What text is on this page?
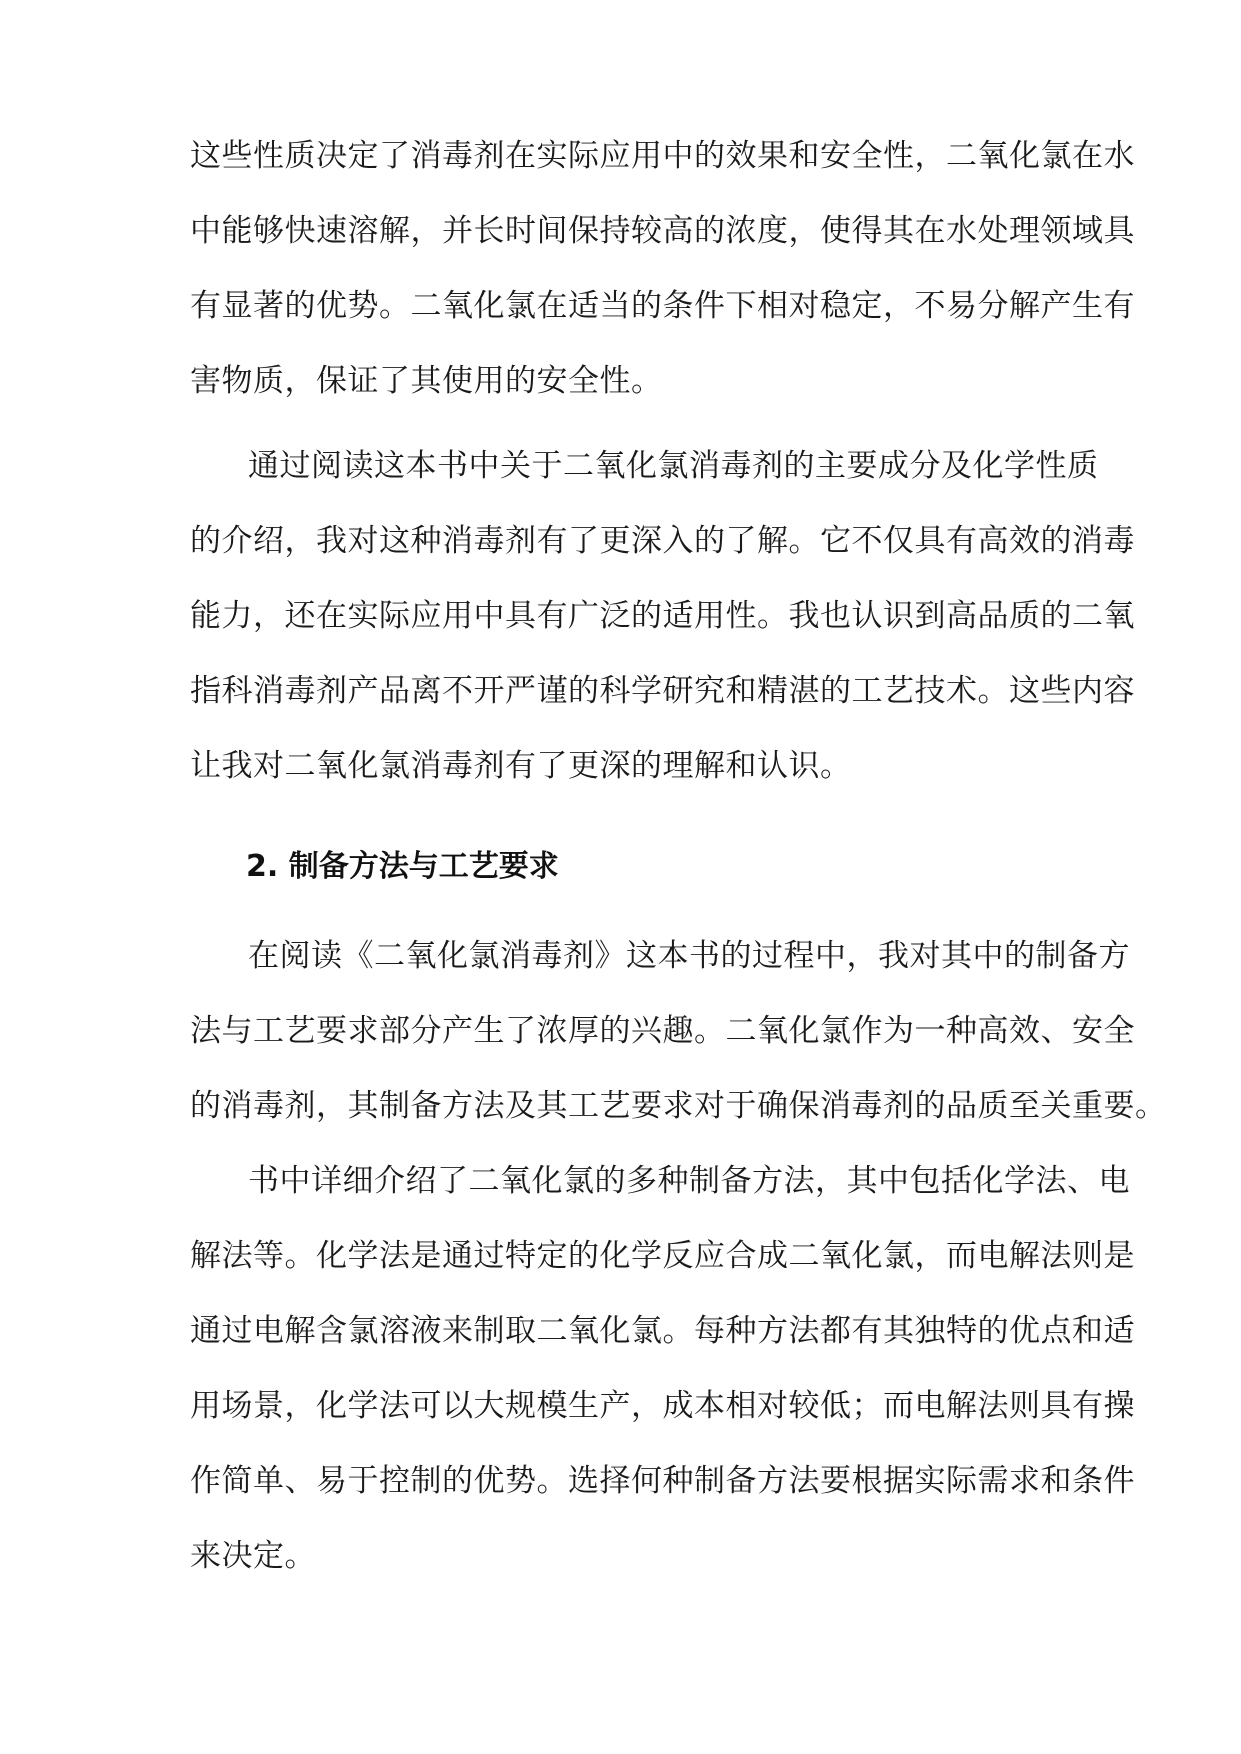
这些性质决定了消毒剂在实际应用中的效果和安全性，二氧化氯在水
中能够快速溶解，并长时间保持较高的浓度，使得其在水处理领域具
有显著的优势。二氧化氯在适当的条件下相对稳定，不易分解产生有
害物质，保证了其使用的安全性。
通过阅读这本书中关于二氧化氯消毒剂的主要成分及化学性质
的介绍，我对这种消毒剂有了更深入的了解。它不仅具有高效的消毒
能力，还在实际应用中具有广泛的适用性。我也认识到高品质的二氧
指科消毒剂产品离不开严谨的科学研究和精湛的工艺技术。这些内容
让我对二氧化氯消毒剂有了更深的理解和认识。
2. 制备方法与工艺要求
在阅读《二氧化氯消毒剂》这本书的过程中，我对其中的制备方
法与工艺要求部分产生了浓厚的兴趣。二氧化氯作为一种高效、安全
的消毒剂，其制备方法及其工艺要求对于确保消毒剂的品质至关重要。
书中详细介绍了二氧化氯的多种制备方法，其中包括化学法、电
解法等。化学法是通过特定的化学反应合成二氧化氯，而电解法则是
通过电解含氯溶液来制取二氧化氯。每种方法都有其独特的优点和适
用场景，化学法可以大规模生产，成本相对较低；而电解法则具有操
作简单、易于控制的优势。选择何种制备方法要根据实际需求和条件
来决定。
